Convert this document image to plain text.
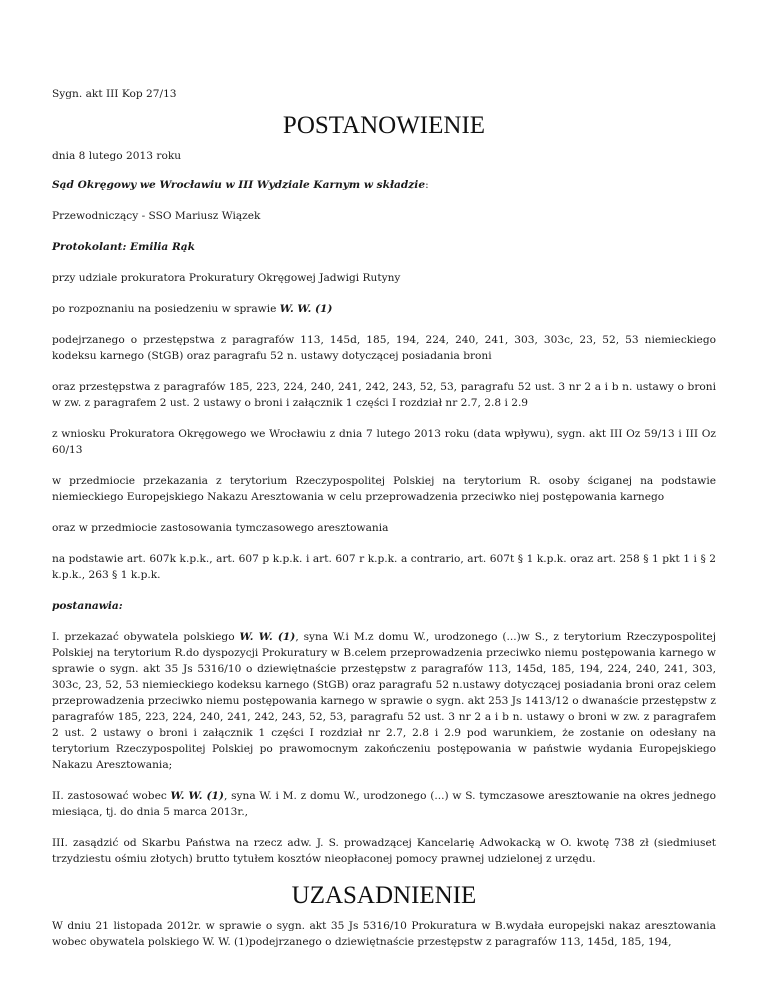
Sygn. akt III Kop 27/13

POSTANOWIENIE

dnia 8 lutego 2013 roku

Sąd Okręgowy we Wrocławiu w III Wydziale Karnym w składzie:

Przewodniczący - SSO Mariusz Wiązek

Protokolant: Emilia Rąk

przy udziale prokuratora Prokuratury Okręgowej Jadwigi Rutyny

po rozpoznaniu na posiedzeniu w sprawie W. W. (1)

podejrzanego o przestępstwa z paragrafów 113, 145d, 185, 194, 224, 240, 241, 303, 303c, 23, 52, 53 niemieckiego kodeksu karnego (StGB) oraz paragrafu 52 n. ustawy dotyczącej posiadania broni

oraz przestępstwa z paragrafów 185, 223, 224, 240, 241, 242, 243, 52, 53, paragrafu 52 ust. 3 nr 2 a i b n. ustawy o broni w zw. z paragrafem 2 ust. 2 ustawy o broni i załącznik 1 części I rozdział nr 2.7, 2.8 i 2.9

z wniosku Prokuratora Okręgowego we Wrocławiu z dnia 7 lutego 2013 roku (data wpływu), sygn. akt III Oz 59/13 i III Oz 60/13

w przedmiocie przekazania z terytorium Rzeczypospolitej Polskiej na terytorium R. osoby ściganej na podstawie niemieckiego Europejskiego Nakazu Aresztowania w celu przeprowadzenia przeciwko niej postępowania karnego

oraz w przedmiocie zastosowania tymczasowego aresztowania

na podstawie art. 607k k.p.k., art. 607 p k.p.k. i art. 607 r k.p.k. a contrario, art. 607t § 1 k.p.k. oraz art. 258 § 1 pkt 1 i § 2 k.p.k., 263 § 1 k.p.k.

postanawia:

I. przekazać obywatela polskiego W. W. (1), syna W.i M.z domu W., urodzonego (...)w S., z terytorium Rzeczypospolitej Polskiej na terytorium R.do dyspozycji Prokuratury w B.celem przeprowadzenia przeciwko niemu postępowania karnego w sprawie o sygn. akt 35 Js 5316/10 o dziewiętnaście przestępstw z paragrafów 113, 145d, 185, 194, 224, 240, 241, 303, 303c, 23, 52, 53 niemieckiego kodeksu karnego (StGB) oraz paragrafu 52 n.ustawy dotyczącej posiadania broni oraz celem przeprowadzenia przeciwko niemu postępowania karnego w sprawie o sygn. akt 253 Js 1413/12 o dwanaście przestępstw z paragrafów 185, 223, 224, 240, 241, 242, 243, 52, 53, paragrafu 52 ust. 3 nr 2 a i b n. ustawy o broni w zw. z paragrafem 2 ust. 2 ustawy o broni i załącznik 1 części I rozdział nr 2.7, 2.8 i 2.9 pod warunkiem, że zostanie on odesłany na terytorium Rzeczypospolitej Polskiej po prawomocnym zakończeniu postępowania w państwie wydania Europejskiego Nakazu Aresztowania;

II. zastosować wobec W. W. (1), syna W. i M. z domu W., urodzonego (...) w S. tymczasowe aresztowanie na okres jednego miesiąca, tj. do dnia 5 marca 2013r.,

III. zasądzić od Skarbu Państwa na rzecz adw. J. S. prowadzącej Kancelarię Adwokacką w O. kwotę 738 zł (siedmiuset trzydziestu ośmiu złotych) brutto tytułem kosztów nieopłaconej pomocy prawnej udzielonej z urzędu.

UZASADNIENIE

W dniu 21 listopada 2012r. w sprawie o sygn. akt 35 Js 5316/10 Prokuratura w B.wydała europejski nakaz aresztowania wobec obywatela polskiego W. W. (1)podejrzanego o dziewiętnaście przestępstw z paragrafów 113, 145d, 185, 194,
